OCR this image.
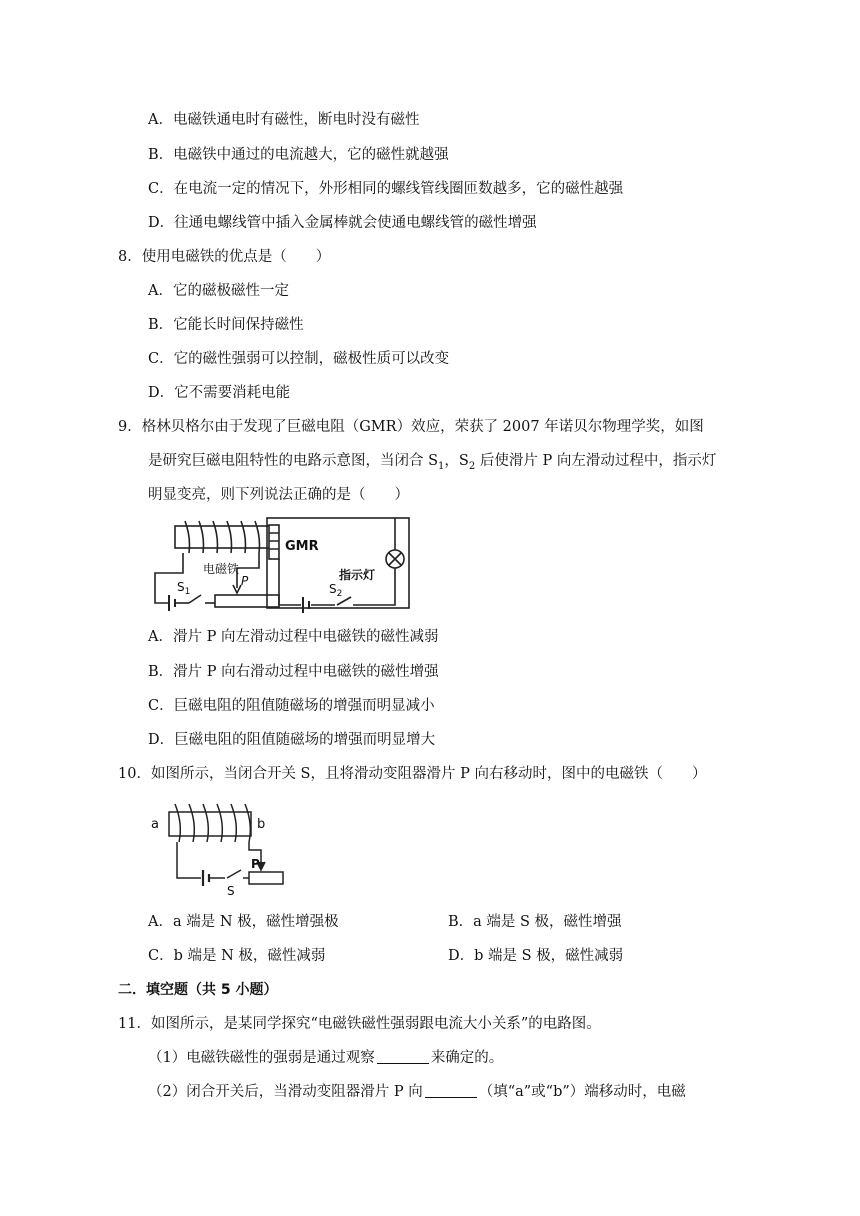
A．电磁铁通电时有磁性，断电时没有磁性
B．电磁铁中通过的电流越大，它的磁性就越强
C．在电流一定的情况下，外形相同的螺线管线圈匝数越多，它的磁性越强
D．往通电螺线管中插入金属棒就会使通电螺线管的磁性增强
8．使用电磁铁的优点是（　　）
A．它的磁极磁性一定
B．它能长时间保持磁性
C．它的磁性强弱可以控制，磁极性质可以改变
D．它不需要消耗电能
9．格林贝格尔由于发现了巨磁电阻（GMR）效应，荣获了 2007 年诺贝尔物理学奖，如图
是研究巨磁电阻特性的电路示意图，当闭合 $S_1$，$S_2$ 后使滑片 P 向左滑动过程中，指示灯
明显变亮，则下列说法正确的是（　　）
电磁铁
GMR
指示灯
$S_1$
P
$S_2$
A．滑片 P 向左滑动过程中电磁铁的磁性减弱
B．滑片 P 向右滑动过程中电磁铁的磁性增强
C．巨磁电阻的阻值随磁场的增强而明显减小
D．巨磁电阻的阻值随磁场的增强而明显增大
10．如图所示，当闭合开关 S，且将滑动变阻器滑片 P 向右移动时，图中的电磁铁（　　）
a	b
P
S
A．a 端是 N 极，磁性增强极	B．a 端是 S 极，磁性增强
C．b 端是 N 极，磁性减弱	D．b 端是 S 极，磁性减弱
二．填空题（共 5 小题）
11．如图所示，是某同学探究“电磁铁磁性强弱跟电流大小关系”的电路图。
（1）电磁铁磁性的强弱是通过观察	来确定的。
（2）闭合开关后，当滑动变阻器滑片 P 向	（填“a”或“b”）端移动时，电磁
